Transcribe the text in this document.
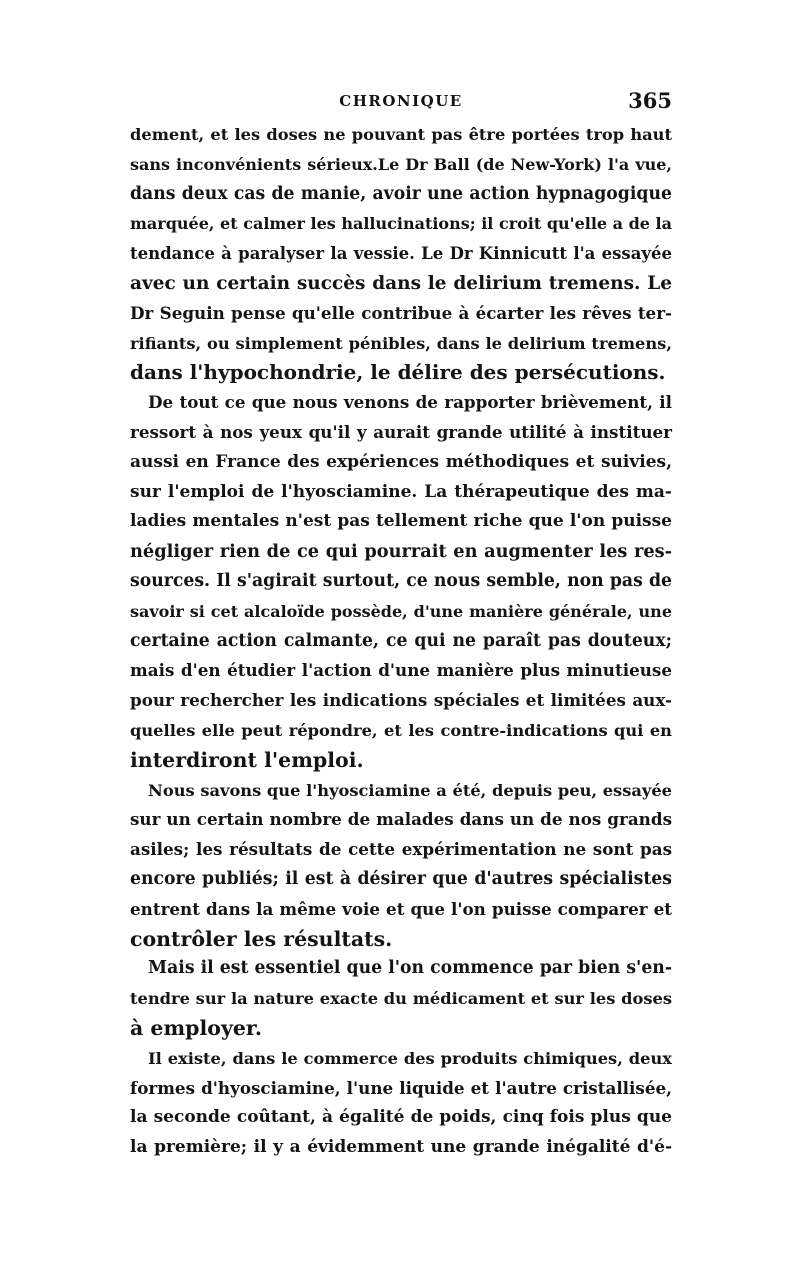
CHRONIQUE	365
dement, et les doses ne pouvant pas être portées trop haut
sans inconvénients sérieux.Le Dr Ball (de New-York) l'a vue,
dans deux cas de manie, avoir une action hypnagogique
marquée, et calmer les hallucinations; il croit qu'elle a de la
tendance à paralyser la vessie. Le Dr Kinnicutt l'a essayée
avec un certain succès dans le delirium tremens. Le
Dr Seguin pense qu'elle contribue à écarter les rêves ter-
rifiants, ou simplement pénibles, dans le delirium tremens,
dans l'hypochondrie, le délire des persécutions.
De tout ce que nous venons de rapporter brièvement, il
ressort à nos yeux qu'il y aurait grande utilité à instituer
aussi en France des expériences méthodiques et suivies,
sur l'emploi de l'hyosciamine. La thérapeutique des ma-
ladies mentales n'est pas tellement riche que l'on puisse
négliger rien de ce qui pourrait en augmenter les res-
sources. Il s'agirait surtout, ce nous semble, non pas de
savoir si cet alcaloïde possède, d'une manière générale, une
certaine action calmante, ce qui ne paraît pas douteux;
mais d'en étudier l'action d'une manière plus minutieuse
pour rechercher les indications spéciales et limitées aux-
quelles elle peut répondre, et les contre-indications qui en
interdiront l'emploi.
Nous savons que l'hyosciamine a été, depuis peu, essayée
sur un certain nombre de malades dans un de nos grands
asiles; les résultats de cette expérimentation ne sont pas
encore publiés; il est à désirer que d'autres spécialistes
entrent dans la même voie et que l'on puisse comparer et
contrôler les résultats.
Mais il est essentiel que l'on commence par bien s'en-
tendre sur la nature exacte du médicament et sur les doses
à employer.
Il existe, dans le commerce des produits chimiques, deux
formes d'hyosciamine, l'une liquide et l'autre cristallisée,
la seconde coûtant, à égalité de poids, cinq fois plus que
la première; il y a évidemment une grande inégalité d'é-
